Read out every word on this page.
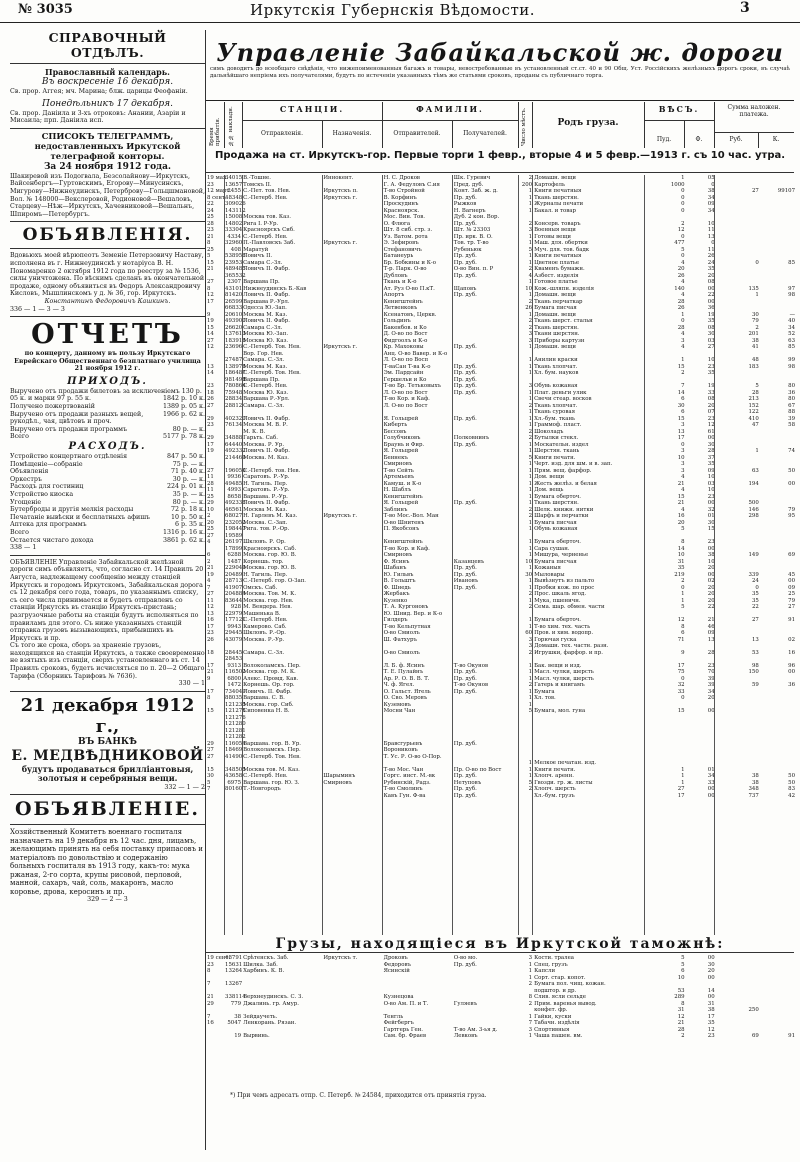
№ 3035	Иркутскiя Губернскiя Вѣдомости.	3
СПРАВОЧНЫЙ ОТДѢЛЪ.
Православный календарь.
Въ воскресенiе 16 декабря.

Св. прор. Аггея; мч. Марина; блж. царицы Феофаніи.

Понедѣльникъ 17 декабря.

Св. прор. Даніила и 3-хъ отроковъ: Анании, Азаріи и Мисаила; прп. Даніила исп.

СПИСОКЪ ТЕЛЕГРАММЪ, недоставленныхъ Иркутской телеграфной конторы.
За 24 ноября 1912 года.

Шакиревой изъ Подогвала, Безсолайнову—Иркутскъ, Вайсенбергъ—Гуртовскимъ, Егорову—Минусинскъ, Мигурову—Нижнеудинскъ, Петерброву—Гольцшмановой, Вол. № 148000—Векслеровой, Родионовой—Вешаловъ, Старцеву—Нѣж—Иркутскъ, Хачевниковой—Вешальнъ, Шпиромъ—Петербургъ.

ОБЪЯВЛЕНІЯ.

Вдовьюхъ моей вѣрюпеотъ Земенiе Петерзовичу Наставу, исполнена въ г. Нижнеудинскѣ у нотаріуса В. Н. Пономаренко 2 октября 1912 года по реестру за № 1536, силы уничтожена. По вѣскимъ сделанъ въ окончательной продаже, одному объявиться въ Федоръ Александровичу Кисловъ, Мышлинскомъ у д. № 36, гор. Иркутскъ.

Константинъ Федоровичъ Кашкинъ.

336 — 1 — 3 — 3

ОТЧЕТЪ

по концерту, данному въ пользу Иркутскаго Еврейскаго Общественнаго безплатнаго училища 21 ноября 1912 г.

ПРИХОДЪ.
Выручено отъ продажи билетовъ за исключенiемъ 130 р.
05 к. и марки 97 р. 55 к.	1842 р. 10 к.
Получено пожертвованій	1389 р. 05 к.
Выручено отъ продажи разныхъ вещей, рукодѣл., чая, цвѣтовъ и проч.
1966 р. 62 к.
Выручено отъ продажи программъ	80 р. — к.
Всего	5177 р. 78 к.
РАСХОДЪ.
Устройство концертнаго отдѣленія	847 р. 50 к.
Помѣщенiе—собранiе	75 р. — к.
Объявленія	71 р. 40 к.
Оркестръ	30 р. — к.
Расходъ для гостиниц	224 р. 01 к.
Устройство киоска	35 р. — к.
Угощенiе	80 р. — к.
Бутерброды и другія мелкія расходы	72 р. 18 к.
Печатанiе вывѣски и бесплатныхъ афишъ	10 р. 50 к.
Аптека для программъ	6 р. 35 к.
Всего	1316 р. 16 к.
Остается чистаго дохода	3861 р. 62 к.

338 — 1

ОБЪЯВЛЕНIЕ Управленiе Забайкальской желѣзной дороги симъ объявляетъ, что, согласно ст. 14 Правилъ 20 Августа, надлежащему сообщенiю между станцiей Иркутскъ и городомъ Иркутскомъ, Забайкальская дорога съ 12 декабря сего года, товаръ, по указаннымъ списку, съ сего числа принимается и будетъ отправленъ со станцiи Иркутскъ въ станцiю Иркутскъ-пристань; разгрузочные работы на станцiи будутъ исполняться по правиламъ для этого. Съ ниже указанныхъ станцій отправка грузовъ вызывающихъ, прибывшихъ въ Иркутскъ и пр.

Съ того же срока, сборъ за храненіе грузовъ, находящихся на станціи Иркутскъ, а также своевременно не взятыхъ изъ станціи, сверхъ установленнаго въ ст. 14 Правилъ сроковъ, будетъ исчисляться по п. 20—2 Общаго Тарифа (Сборникъ Тарифовъ № 7636).

330 — 1

21 декабря 1912 г.,
ВЪ БАНКѢ
Е. МЕДВѢДНИКОВОЙ

будутъ продаваться бриллiантовыя, золотыя и серебряныя вещи.

332 — 1 — 2

ОБЪЯВЛЕНІЕ.

Хозяйственный Комитетъ военнаго госпиталя назначаетъ на 19 декабря въ 12 час. дня, лицамъ, желающимъ принять на себя поставку припасовъ и матерiаловъ по довольствiю и содержанiю больныхъ госпиталя въ 1913 году, какъ-то: мука ржаная, 2-го сорта, крупы рисовой, перловой, манной, сахаръ, чай, соль, макаронъ, масло коровье, дрова, керосинъ и пр.

329 — 2 — 3

Управленiе Забайкальской ж. дороги
симъ доводитъ до всеобщаго свѣдѣнія, что нижепоименованныя багажъ и товары, невостребованные въ установленный ст.ст. 40 и 90 Общ. Уст. Россійскихъ желѣзныхъ дорогъ сроки, въ случаѣ дальнѣйшаго непрiема ихъ получателями, будутъ по истеченiи указанныхъ тѣмъ же статьями сроковъ, проданы съ публичнаго торга.
Время прибытія. №№ накладн.	СТАНЦІИ.
Отправленія.	Назначенія.
ФАМИЛІИ.
Отправителей.	Получателей.	Число мѣстъ.	Родъ груза.
ВѢСЪ.
Пуд.	Ф.
Сумма наложен. платежа.
Руб.	К.
Продажа на ст. Иркутскъ-гор. Первые торги 1 февр., вторые 4 и 5 февр.—1913 г. съ 10 час. утра.
19 мая.	34015	В.-Тошне.	Иннокент.	Н. С. Дроков	Шк. Гуревич	2	Домашн. вещи	1	05		
23	13657	Томскъ II.		Г. А. Федуловъ С.ия	Пред. дуб.	200	Картофель	1000	0		
12 март.	2455	С.-Пет. тов. Нев.	Иркутскъ п.	Т-во Стройной	Конт. Заб. ж. д.	1	Книги печатныя	0	38	27	99107
8 сент.	48348	С.-Петерб. Нев.	Иркутскъ г.	В. Корфинъ	Пр. дуб.	1	Ткань шерстян.	0	34		
22	309026			Проскудинъ	Рыжков	1	Журналы печати	0	09		
24	143112			Красноярск.	Н. Вагнеръ	1	Бакал. и товар	0	34		
25	15008	Москва тов. Каз.		Мос. Вин. Тов.	Дуб. 2 кон. Вор.						
28	14802	Рига I. Р-Ур.		О. Флюга	Пр. дуб.	2	Консерв. товаръ	2	10		
23	33304	Красноярскъ Сиб.		Шт. 8 сиб. стр. з.	Шт. № 23303	3	Военныя вещи	12	11		
21	4334	С.-Петерб. Нев.		Уз. Ватом. рота	Пр. ирк. В. О.	1	Готовы вещи	0	13		
8	32960	П.-Павловскъ Заб.	Иркутскъ г.	Э. Зефировъ	Тов. тр. Т-во	1	Маш. для. обертки	477	0		
25	408	Маратуй		Стефановичъ	Рубеньюк	5	Муч. для. тов. бадк	5	11		
5	538958	Ловичъ II.		Батанеурь	Пр. дуб.	1	Книги печатныя	0	26		
15	23953	Самара С.-Зл.		Бр. Бобкины и К-о	Пр. дуб.	1	Цветное платье	4	24	0	85
21	489485	Ловичъ II. Фабр.		Т-р. Парк. О-во	О-во Вин. п. Р	2	Кваменъ бумажн.	20	35		
	365532			Дубловъ	Пр. дуб.	4	Азбест. изделiя	26	20		
27	2307	Варшава Пр.		Ткань и К-о		1	Готовое платье	4	08		
8	43101	Нижнеудинскъ Б.-Кав		Ат. Руз О-во П.кТ.	Щаповъ	10	Кож.-шляпн. изделiя	140	00	135	97
12	81420	Ловичъ II. Фабр.		Апортъ	Пр. дуб.	1	Домашн. вещи	4	22	1	98
17	26599	Варшава Р.-Урл.		Кенигштейнъ		2	Ткань перчаткар	28	00		
	66833	Одесса Ю.-Зап.		Летвенковъ		26	Бумага писчая	26	36		
9	20610	Москва М. Каз.		Ксенатовъ, Церкв.		1	Домашн. вещи	1	19	30	—
19	493900	Ловичъ II. Фабр.		Гольдинъ		2	Ткань шерст. стальн	0	35	79	40
15	26620	Самара С.-Зл.		Бакенбов. и Ко		2	Ткань шерстян.	28	08	2	34
14	137613	Москва Ю.-Зап.		Д. О-во по Вост		3	Ткани шерстян.	4	30	201	52
27	183916	Москва Ю. Каз.		Фидгоолъ и К-о		3	Приборы картузн	3	03	38	63
12	23696	С.-Петерб. Тов. Нев.	Иркутскъ г.	Кр. Махоковы	Пр. дуб.	1	Домашн. вещи	4	27	41	85
		Вор. Гор. Нев.		Анц. О-во Вавер. и К-о							
	27487	Самара. С.-Зл.		Л. О-во по Восп		1	Анилин краски	1	10	48	99
13	138976	Москва М. Каз.		Т-ваСан Т-ва К-о	Пр. дуб.	1	Ткань хлопчат.	15	23	183	98
14	186487	С.-Петерб. Тов. Нев.		Эм. Пардсайн	Пр. дуб.	1	Хл. бум. науков	2	35		
	981498	Варшава Пр.		Гершельи и Ко	Пр. дуб.						
23	780864	С.-Петерб. Нев.		Т-во Бр. Тетьковыхъ	Пр. дуб.	3	Обувь кожаная	7	19	5	80
18	75948	Москва Ю. Каз.		Л. О-во по Вост	Пр. дуб.	1	Плат. деньги улик	14	33	28	36
26	28834	Варшава Р.-Урл.		Т-во Кор. и Каф.		1	Свечи стеар. восков	6	08	213	80
27	28812	Самара. С.-Зл.		Л. О-во по Вост		2	Ткань хлопчат.	30	20	152	67
						1	Ткань суровая	6	07	122	88
29	402320	Ловичъ II. Фабр.		Я. Гольцрей	Пр. дуб.	1	Хл.-бум. ткань	15	23	410	39
23	76134	Москва М. В. Р.		Киберть		1	Граммоф. пласт.	3	12	47	58
		М. К. В.		Бессовъ		2	Шоколадъ	13	61		
29	34888	Гарьть. Саб.		Голубчиковъ	Полковнинъ	2	Бутылки стекл.	17	00		
17	64440	Москва. Р. Ур.		Браунь и Фир.	Пр. дуб.	1	Москательн. издел	0	30		
19	492332	Ловичъ II. Фабр.		Я. Гольцрей		1	Шерстян. ткань	3	28	1	74
	214469	Москва. М. Каз.		Беннекъ		5	Книги печатн.	10	37		
				Смирновъ		1	Черт. изд. для шм. и в. зап.	3	35		
27	196050	С.-Петерб. тов. Нев.		Т-во Сейть		1	Прям. вещ. фарфор.	3	09	63	50
11	9936	Саратовъ. Р.-Ур.		Артемьевъ		1	Дом. вещи	4	10		
28	49485	Н. Тагиль. Пер.		Камуш. и К-о		1	Жесть желѣз. и белая	21	03	194	00
11	4993	Саратовъ. Р.-Ур.		Н. Шаблъ		1	Дом. вещь	4	10		
25	8658	Варшава. Р.-Ур.		Кенигштейнъ		1	Бумага оберточ.	15	23		
29	492338	Ловичъ II. Фабр.		Я. Гольцрей	Пр. дуб.	1	Ткань шерстян.	21	00	500	
10	46561	Москва М. Каз.		Заблинъ		2	Шелк. книжн. нитки	4	32	146	79
2	68027	Н. Гарлевъ М. Каз.	Иркутскъ г.	Т-во Мос.-Вол. Ман		2	Шарфъ и перчатки	16	01	298	95
20	232052	Москва. С.-Зап.		О-во Шнитенъ		1	Бумага писчая	20	30		
25	198447	Рига. тов. Р.-Ор.		П. Якобсонъ		1	Обувь кожаная	5	15		
27	19589										
4	26197	Шкловъ. Р. Ор.		Кенигштейнъ		1	Бумага оберточ.	8	23		
	17899	Красноярскъ. Саб.		Т-во Кор. и Каф.		1	Сара сушан.	14	00		
6	6288	Москва. гор. Ю. В.		Смирновъ		1	Мишура, черненье	10	38	149	69
2	1487	Корнешь. тор.		Ф. Ясинъ	Казанцевъ	10	Бумага писчая	31	10		
21	229049	Москва. гор. Ю. В.		Шабанъ	Пр. дуб.	1	Кожаныя	35	20		
19	20489	Н. Тагиль. Пер.		Ю. Гильвъ	Пр. дуб.	30	Мыловары	219	00	339	45
4	28713	С.-Петерб. гор. О-Зап.		В. Гольштъ	Ивановъ	1	Вывѣзнутъ из пальто	2	02	24	00
7	41907	Омскъ. Саб.		Ф. Шнедь	Пр. дуб.	1	Пробки кож. по прос	0	20	0	09
27	204884	Москва. Тов. М. К.		Жербакъ		2	Прос. шкаль ягод.	1	20	35	25
11	83644	Москва. гор. Нев.		Кузенко		1	Мука, пшеничн.	1	20	35	79
12	928	М. Вендера. Нев.		Т. А. Кургоновъ		2	Сема. шар. обмен. части	5	22	22	27
13	22979	Машенька В.		Ю. Шнид. Вер. и К-о							
16	177121	С.-Петерб. Нев.		Гилдеръ		1	Бумага оберточ.	12	21	27	91
17	9943	Камерово. Саб.		Т-во Кельпутная		1	Т-во хим. тех. часть	8	46		
23	29445	Шкловъ. Р.-Ор.		О-во Смиолъ		60	Пров. и хим. водопр.	6	09		
26	43079	Москва. Р.-Ур.		Ш. Фатхуръ		3	Горючая гуска	71	13	13	02
						3	Домашн. тех. частн. разн.				
18	28445	Самара. С.-Зл.		О-во Смиолъ		2	Игрушки, фарфор. и пр.	9	28	53	16
	28453										
17	9313	Волоколамскъ. Пер.		Л. Б. ф. Ясинъ	Т-во Окунов	1	Бак. вещи и изд.	17	23	98	96
21	116502	Москва. гор. М. К.		Т. Е. Пулайнъ	Пр. дуб.	1	Масл. чулки, шерсть	75	70	150	00
9	6800	Алекс. Промд. Кав.		Ар. Р. О. В. В. Т.	Пр. дуб.	1	Масл. чулки, шерсть	0	39		
	1472	Корнешь. Ор. гор.		Ч. ф. Ягел.	Т-во Окунов	2	Гатерь и книгамъ	32	39	59	36
17	734049	Ловичъ. II. Фабр.		О. Гальст. Ягель	Пр. дуб.	1	Бумага	33	34		
8	88035	Варшава. С. В.		О. Сво. Меровъ		1	Хл. тов.	0	20		
	121235	Москва. гор. Сиб.		Куземовъ		1					
15	121275	Сиповенка Н. В.		Мосни Чан		5	Бумага, мол. гуна	15	00		
	121276										
	121280										
	121281										
	121282										
29	116054	Варшава. гор. В. Ур.		Бравсгурьевъ	Пр. дуб.						
27	18469	Волоколамскъ. Пер.		Ворониковъ							
27	41490	С.-Петерб. Тов. Нев.		Т. Ус. Р. О-во О-Пор.							
						1	Мелкое печатан. изд.				
15	348505	Москва тов. М. Каз.		Т-во Мос. Чан	Пр. О-во по Вост	1	Книги печатн.	1	01		
30	43658	С.-Петерб. Нев.	Шарыминъ	Горгс. инст. М.-вк	Пр. дуб.	1	Хлопч. аренн.	1	34	38	50
5	6975	Варшава. гор. Ю. З.	Смирновъ	Рубинскій, Радз.	Нетуповъ	5	Гвозди. гр. ж. листы	1	33	38	50
7	80160	Т.-Новгородъ		Т-во Смолинъ	Пр. дуб.	2	Хлопч. шерсть	27	00	348	83
				Кавъ Гун. Ф-ва	Пр. дуб.		Хл.-бум. грузъ	17	00	737	42
Грузы, находящiеся въ Иркутской таможнѣ:
19 сент.	48791	Срѣтенскъ. Заб.	Иркутскъ т.	Дроковъ	О-во мо.	3	Кости. тралеа	5	00		
23	15631	Шилка. Заб.		Федоровъ	Пр. дуб.	1	Спец. грузъ	5	30		
8	13264	Харбинъ. К. В.		Ясинскій		1	Капсли	6	20		
						1	Сорт. стар. копот.	10	00		
7	13267					2	Бумага пол. чищ. кожан.				
							подштор. и др.	53	14		
21	338114	Верхнеудинскъ. С. З.		Кузнецова		8	Слив. ясли сельде	289	00		
29	779	Джалинь. гр. Амур.		О-во Ам. П. и Т.	Гуляевъ	2	Прим. варенья вывод.	8	31		
							конфет. фр.	31	38	250	
7	38	Зейдаучеть.		Тенгль		1	Гайки, куски	12	17		
16	5047	Ленкорань. Рязан.		Фейгбергъ		7	Табачн. издѣлія	21	35		
				Гартгерь Ген.	Т-во Ам. 3-ья д.	3	Спортивныя	28	12		
	19	Вырвинь.		Сам. бр. Фраев	Левковъ	1	Чаша пашен. вм.	2	23	69	91
*) При чемъ адресатъ отпр. С. Петерб. № 24584, приходится отъ принятiя груза.
